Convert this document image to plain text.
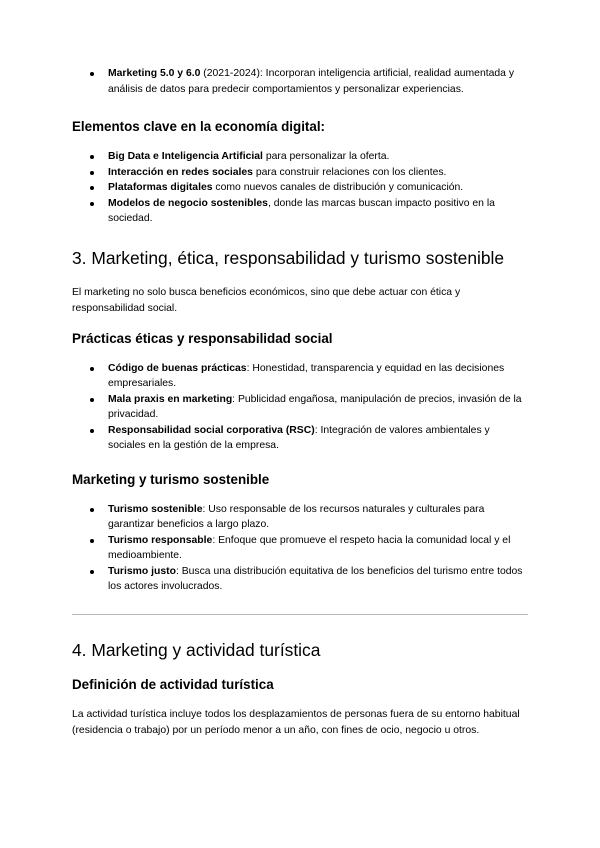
Marketing 5.0 y 6.0 (2021-2024): Incorporan inteligencia artificial, realidad aumentada y análisis de datos para predecir comportamientos y personalizar experiencias.
Elementos clave en la economía digital:
Big Data e Inteligencia Artificial para personalizar la oferta.
Interacción en redes sociales para construir relaciones con los clientes.
Plataformas digitales como nuevos canales de distribución y comunicación.
Modelos de negocio sostenibles, donde las marcas buscan impacto positivo en la sociedad.
3. Marketing, ética, responsabilidad y turismo sostenible

El marketing no solo busca beneficios económicos, sino que debe actuar con ética y responsabilidad social.

Prácticas éticas y responsabilidad social
Código de buenas prácticas: Honestidad, transparencia y equidad en las decisiones empresariales.
Mala praxis en marketing: Publicidad engañosa, manipulación de precios, invasión de la privacidad.
Responsabilidad social corporativa (RSC): Integración de valores ambientales y sociales en la gestión de la empresa.
Marketing y turismo sostenible
Turismo sostenible: Uso responsable de los recursos naturales y culturales para garantizar beneficios a largo plazo.
Turismo responsable: Enfoque que promueve el respeto hacia la comunidad local y el medioambiente.
Turismo justo: Busca una distribución equitativa de los beneficios del turismo entre todos los actores involucrados.
4. Marketing y actividad turística
Definición de actividad turística

La actividad turística incluye todos los desplazamientos de personas fuera de su entorno habitual (residencia o trabajo) por un período menor a un año, con fines de ocio, negocio u otros.
